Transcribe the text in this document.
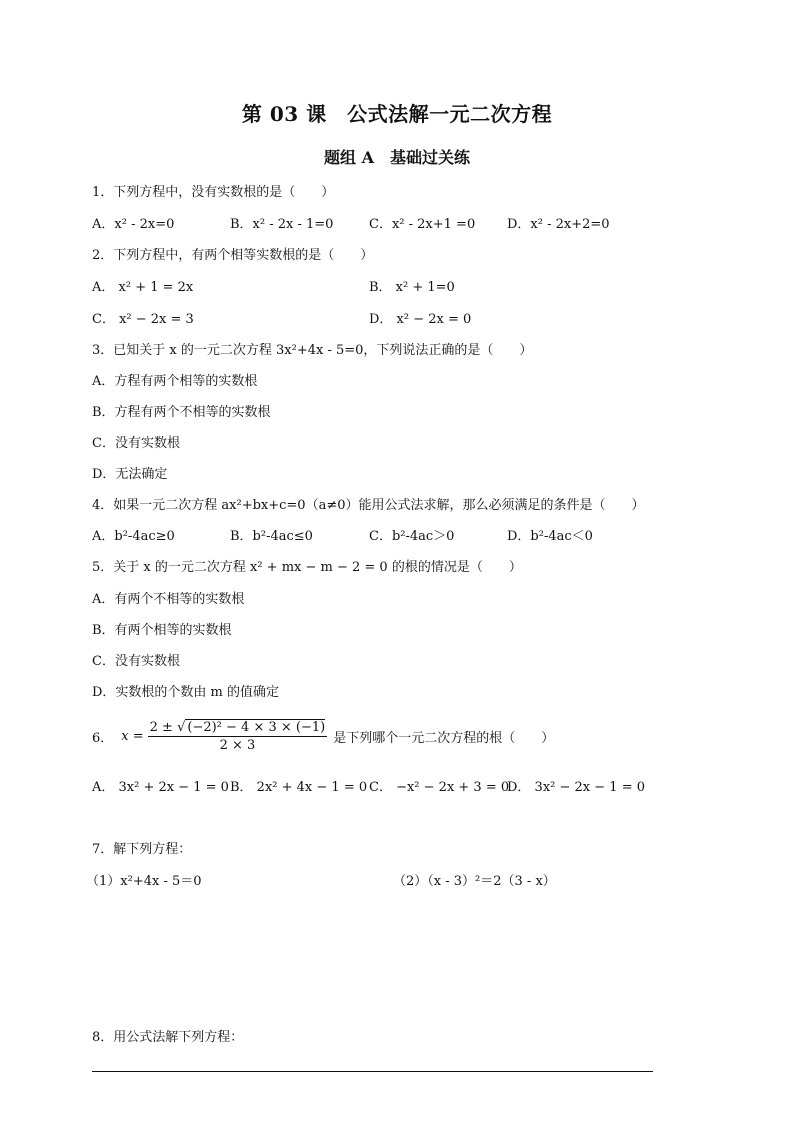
第 03 课　公式法解一元二次方程
题组 A　基础过关练
1．下列方程中，没有实数根的是（　　）
A．x² - 2x=0	B．x² - 2x - 1=0	C．x² - 2x+1 =0 D．x² - 2x+2=0
2．下列方程中，有两个相等实数根的是（　　）
A． x² + 1 = 2x	B． x² + 1=0
C． x² − 2x = 3	D． x² − 2x = 0
3．已知关于 x 的一元二次方程 3x²+4x - 5=0，下列说法正确的是（　　）
A．方程有两个相等的实数根
B．方程有两个不相等的实数根
C．没有实数根
D．无法确定
4．如果一元二次方程 ax²+bx+c=0（a≠0）能用公式法求解，那么必须满足的条件是（　　）
A．b²-4ac≥0	B．b²-4ac≤0	C．b²-4ac＞0	D．b²-4ac＜0
5．关于 x 的一元二次方程 x² + mx − m − 2 = 0 的根的情况是（　　）
A．有两个不相等的实数根
B．有两个相等的实数根
C．没有实数根
D．实数根的个数由 m 的值确定
6． $x = \frac{\text{2 ± √ (−2)² − 4 × 3 × (−1)}}{2 \times 3}$ 是下列哪个一元二次方程的根（　　）
A． 3x² + 2x − 1 = 0 B． 2x² + 4x − 1 = 0 C． −x² − 2x + 3 = 0
D． 3x² − 2x − 1 = 0
7．解下列方程：
（1）x²+4x - 5＝0	（2）（x - 3）²＝2（3 - x）
8．用公式法解下列方程：
